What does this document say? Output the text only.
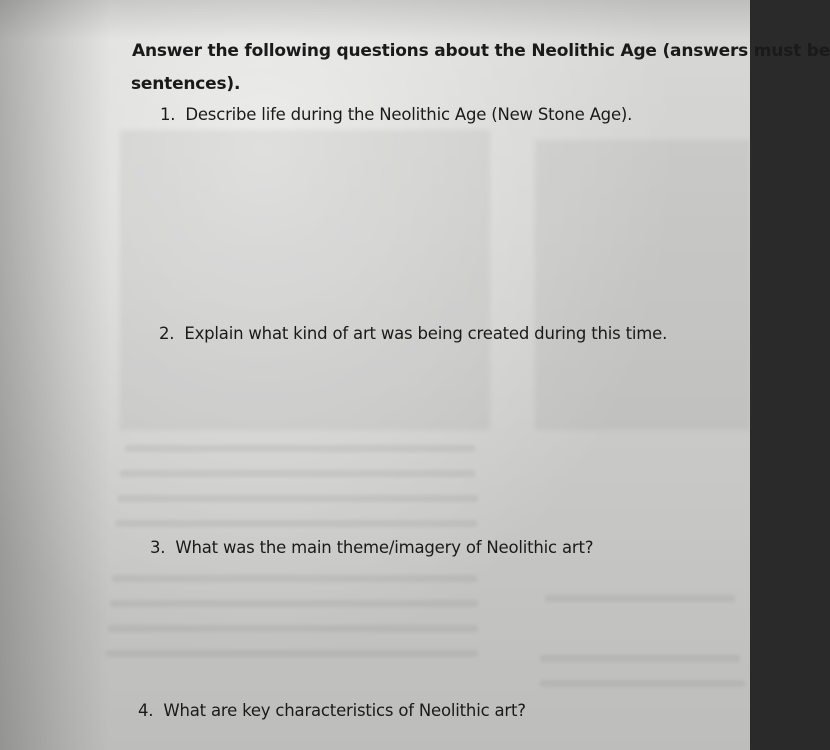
Answer the following questions about the Neolithic Age (answers must be
sentences).
1. Describe life during the Neolithic Age (New Stone Age).
2. Explain what kind of art was being created during this time.
3. What was the main theme/imagery of Neolithic art?
4. What are key characteristics of Neolithic art?
